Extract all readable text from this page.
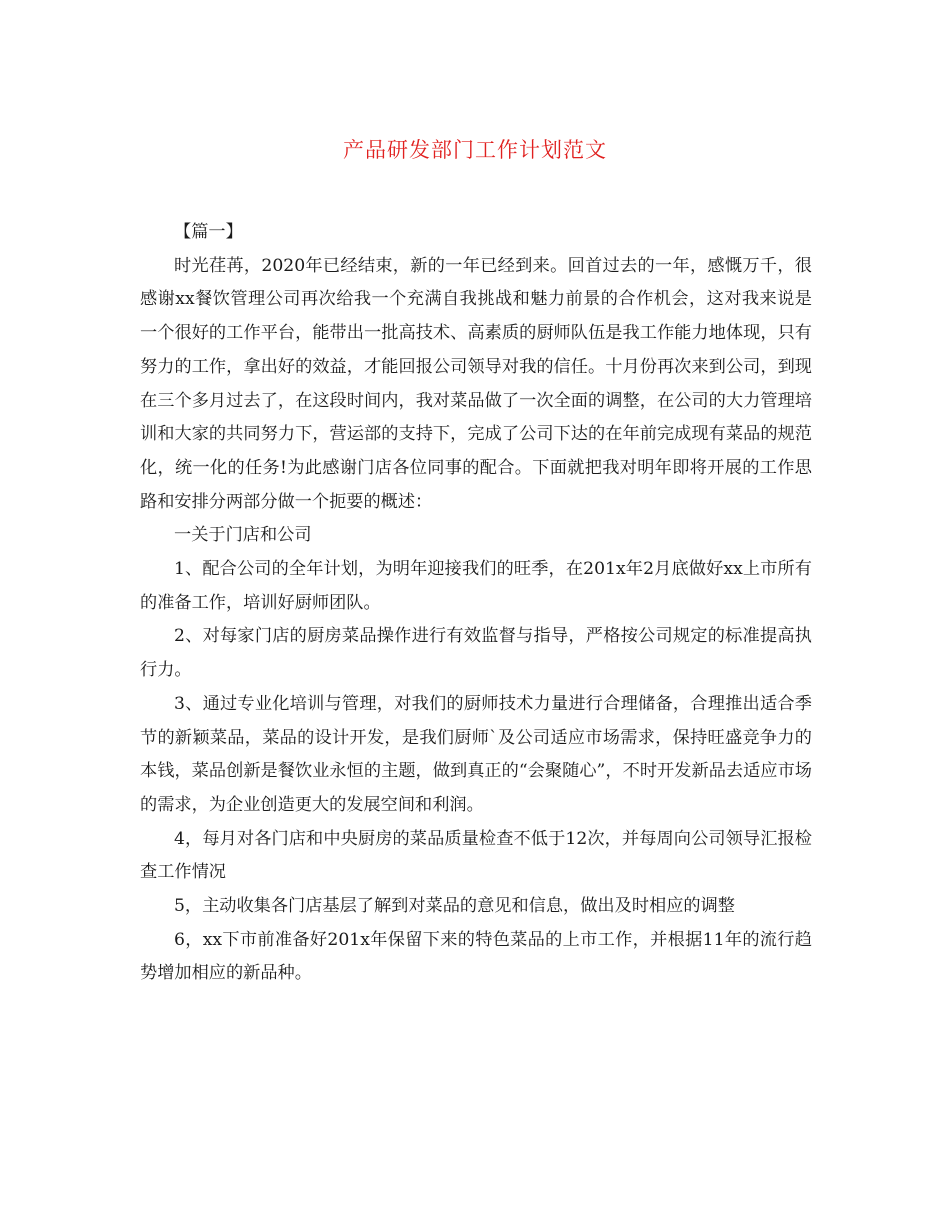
产品研发部门工作计划范文

【篇一】

时光荏苒，2020年已经结束，新的一年已经到来。回首过去的一年，感慨万千，很感谢xx餐饮管理公司再次给我一个充满自我挑战和魅力前景的合作机会，这对我来说是一个很好的工作平台，能带出一批高技术、高素质的厨师队伍是我工作能力地体现，只有努力的工作，拿出好的效益，才能回报公司领导对我的信任。十月份再次来到公司，到现在三个多月过去了，在这段时间内，我对菜品做了一次全面的调整，在公司的大力管理培训和大家的共同努力下，营运部的支持下，完成了公司下达的在年前完成现有菜品的规范化，统一化的任务!为此感谢门店各位同事的配合。下面就把我对明年即将开展的工作思路和安排分两部分做一个扼要的概述：

一关于门店和公司

1、配合公司的全年计划，为明年迎接我们的旺季，在201x年2月底做好xx上市所有的准备工作，培训好厨师团队。

2、对每家门店的厨房菜品操作进行有效监督与指导，严格按公司规定的标准提高执行力。

3、通过专业化培训与管理，对我们的厨师技术力量进行合理储备，合理推出适合季节的新颖菜品，菜品的设计开发，是我们厨师`及公司适应市场需求，保持旺盛竞争力的本钱，菜品创新是餐饮业永恒的主题，做到真正的“会聚随心”，不时开发新品去适应市场的需求，为企业创造更大的发展空间和利润。

4，每月对各门店和中央厨房的菜品质量检查不低于12次，并每周向公司领导汇报检查工作情况

5，主动收集各门店基层了解到对菜品的意见和信息，做出及时相应的调整

6，xx下市前准备好201x年保留下来的特色菜品的上市工作，并根据11年的流行趋势增加相应的新品种。
